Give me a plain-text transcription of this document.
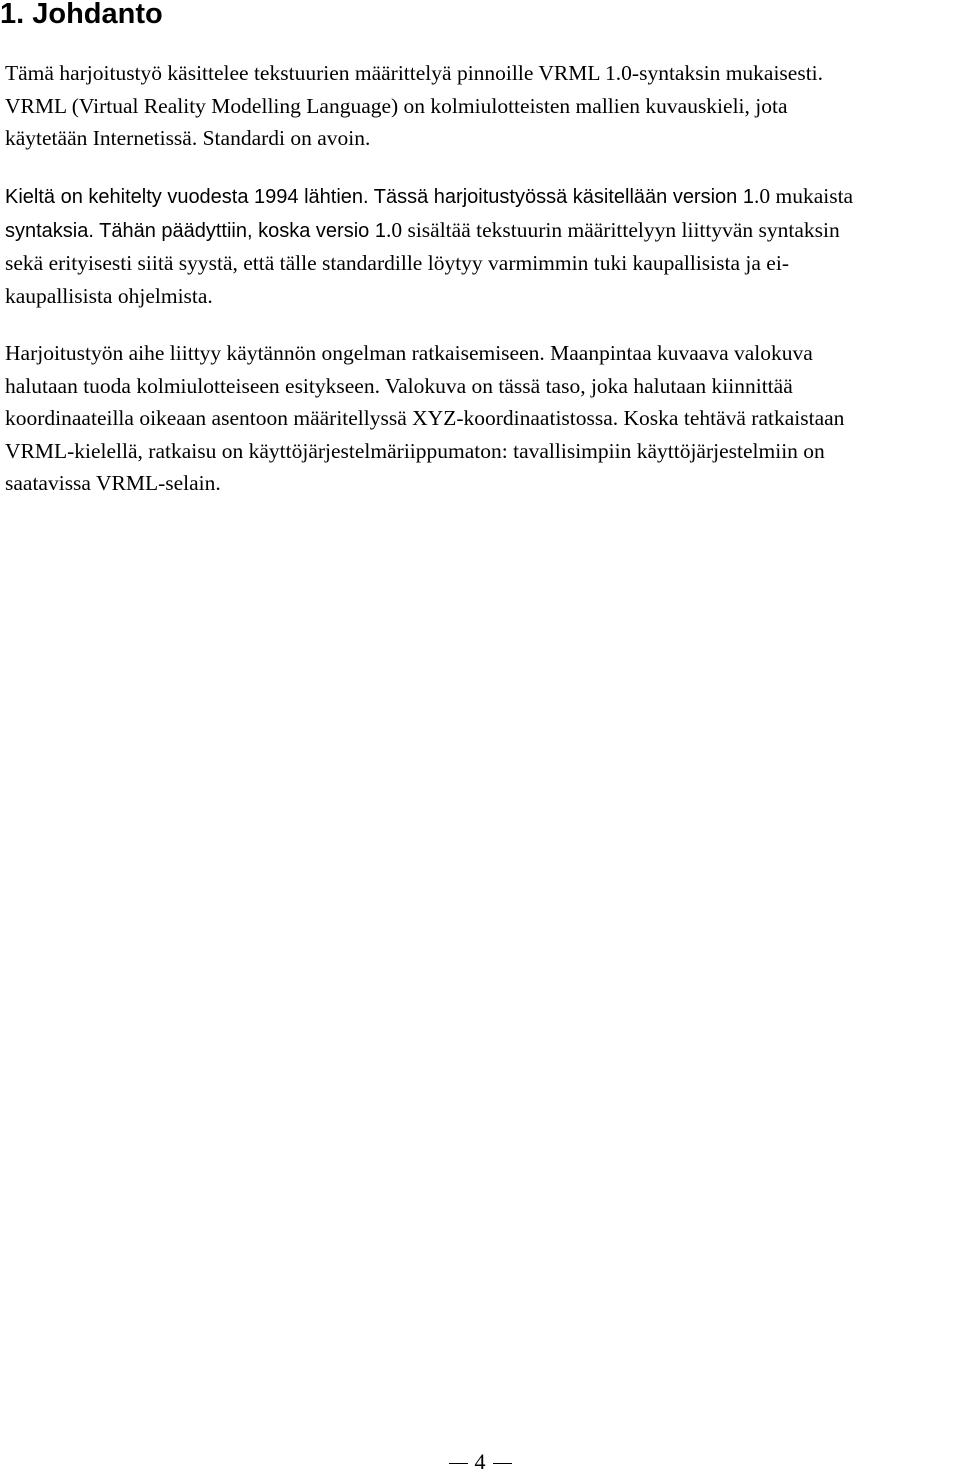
1. Johdanto

Tämä harjoitustyö käsittelee tekstuurien määrittelyä pinnoille VRML 1.0-syntaksin mukaisesti.
VRML (Virtual Reality Modelling Language) on kolmiulotteisten mallien kuvauskieli, jota
käytetään Internetissä. Standardi on avoin.

Kieltä on kehitelty vuodesta 1994 lähtien. Tässä harjoitustyössä käsitellään version 1.0 mukaista
syntaksia. Tähän päädyttiin, koska versio 1.0 sisältää tekstuurin määrittelyyn liittyvän syntaksin
sekä erityisesti siitä syystä, että tälle standardille löytyy varmimmin tuki kaupallisista ja ei-
kaupallisista ohjelmista.

Harjoitustyön aihe liittyy käytännön ongelman ratkaisemiseen. Maanpintaa kuvaava valokuva
halutaan tuoda kolmiulotteiseen esitykseen. Valokuva on tässä taso, joka halutaan kiinnittää
koordinaateilla oikeaan asentoon määritellyssä XYZ-koordinaatistossa. Koska tehtävä ratkaistaan
VRML-kielellä, ratkaisu on käyttöjärjestelmäriippumaton: tavallisimpiin käyttöjärjestelmiin on
saatavissa VRML-selain.

4
